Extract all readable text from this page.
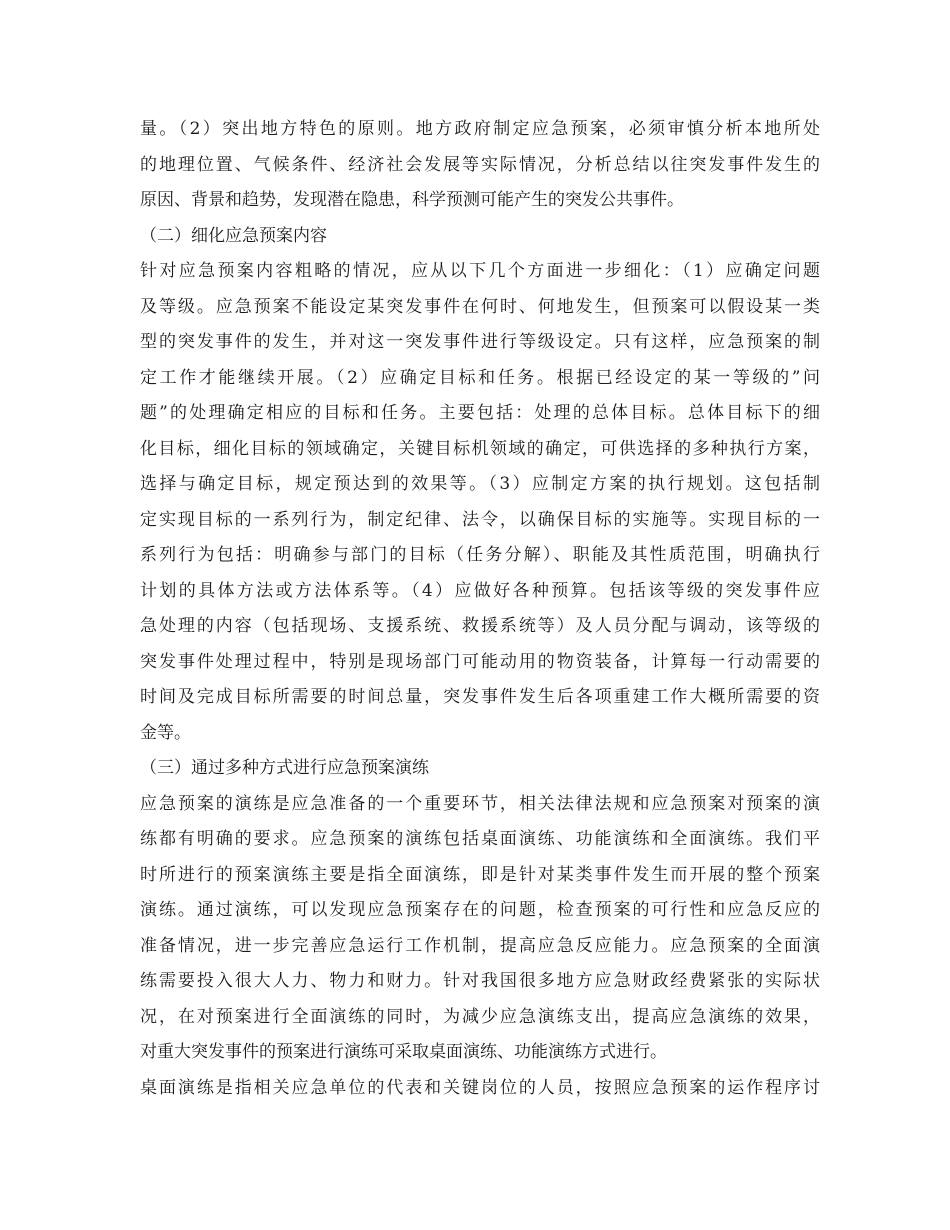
量。（2）突出地方特色的原则。地方政府制定应急预案，必须审慎分析本地所处
的地理位置、气候条件、经济社会发展等实际情况，分析总结以往突发事件发生的
原因、背景和趋势，发现潜在隐患，科学预测可能产生的突发公共事件。
（二）细化应急预案内容
针对应急预案内容粗略的情况，应从以下几个方面进一步细化：（1）应确定问题
及等级。应急预案不能设定某突发事件在何时、何地发生，但预案可以假设某一类
型的突发事件的发生，并对这一突发事件进行等级设定。只有这样，应急预案的制
定工作才能继续开展。（2）应确定目标和任务。根据已经设定的某一等级的”问
题”的处理确定相应的目标和任务。主要包括：处理的总体目标。总体目标下的细
化目标，细化目标的领域确定，关键目标机领域的确定，可供选择的多种执行方案，
选择与确定目标，规定预达到的效果等。（3）应制定方案的执行规划。这包括制
定实现目标的一系列行为，制定纪律、法令，以确保目标的实施等。实现目标的一
系列行为包括：明确参与部门的目标（任务分解）、职能及其性质范围，明确执行
计划的具体方法或方法体系等。（4）应做好各种预算。包括该等级的突发事件应
急处理的内容（包括现场、支援系统、救援系统等）及人员分配与调动，该等级的
突发事件处理过程中，特别是现场部门可能动用的物资装备，计算每一行动需要的
时间及完成目标所需要的时间总量，突发事件发生后各项重建工作大概所需要的资
金等。
（三）通过多种方式进行应急预案演练
应急预案的演练是应急准备的一个重要环节，相关法律法规和应急预案对预案的演
练都有明确的要求。应急预案的演练包括桌面演练、功能演练和全面演练。我们平
时所进行的预案演练主要是指全面演练，即是针对某类事件发生而开展的整个预案
演练。通过演练，可以发现应急预案存在的问题，检查预案的可行性和应急反应的
准备情况，进一步完善应急运行工作机制，提高应急反应能力。应急预案的全面演
练需要投入很大人力、物力和财力。针对我国很多地方应急财政经费紧张的实际状
况，在对预案进行全面演练的同时，为减少应急演练支出，提高应急演练的效果，
对重大突发事件的预案进行演练可采取桌面演练、功能演练方式进行。
桌面演练是指相关应急单位的代表和关键岗位的人员，按照应急预案的运作程序讨
